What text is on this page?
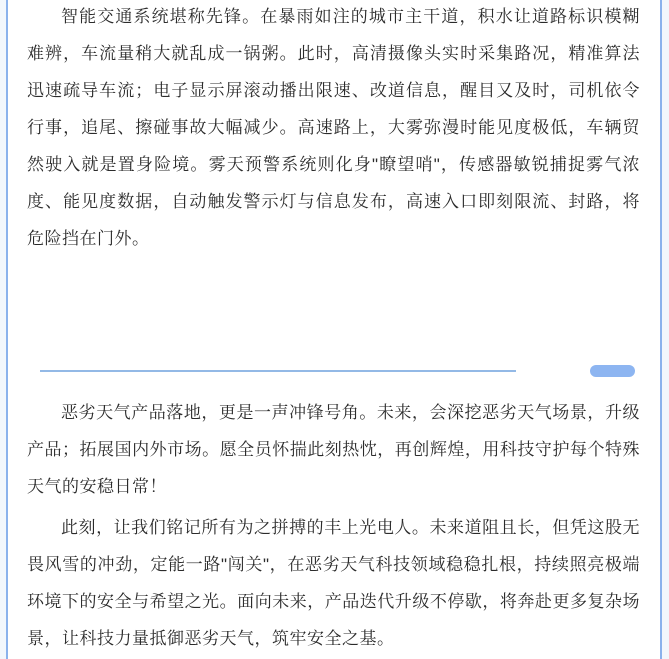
智能交通系统堪称先锋。在暴雨如注的城市主干道，积水让道路标识模糊
难辨，车流量稍大就乱成一锅粥。此时，高清摄像头实时采集路况，精准算法
迅速疏导车流；电子显示屏滚动播出限速、改道信息，醒目又及时，司机依令
行事，追尾、擦碰事故大幅减少。高速路上，大雾弥漫时能见度极低，车辆贸
然驶入就是置身险境。雾天预警系统则化身"瞭望哨"，传感器敏锐捕捉雾气浓
度、能见度数据，自动触发警示灯与信息发布，高速入口即刻限流、封路，将
危险挡在门外。
恶劣天气产品落地，更是一声冲锋号角。未来，会深挖恶劣天气场景，升级
产品；拓展国内外市场。愿全员怀揣此刻热忱，再创辉煌，用科技守护每个特殊
天气的安稳日常！
此刻，让我们铭记所有为之拼搏的丰上光电人。未来道阻且长，但凭这股无
畏风雪的冲劲，定能一路"闯关"，在恶劣天气科技领域稳稳扎根，持续照亮极端
环境下的安全与希望之光。面向未来，产品迭代升级不停歇，将奔赴更多复杂场
景，让科技力量抵御恶劣天气，筑牢安全之基。
